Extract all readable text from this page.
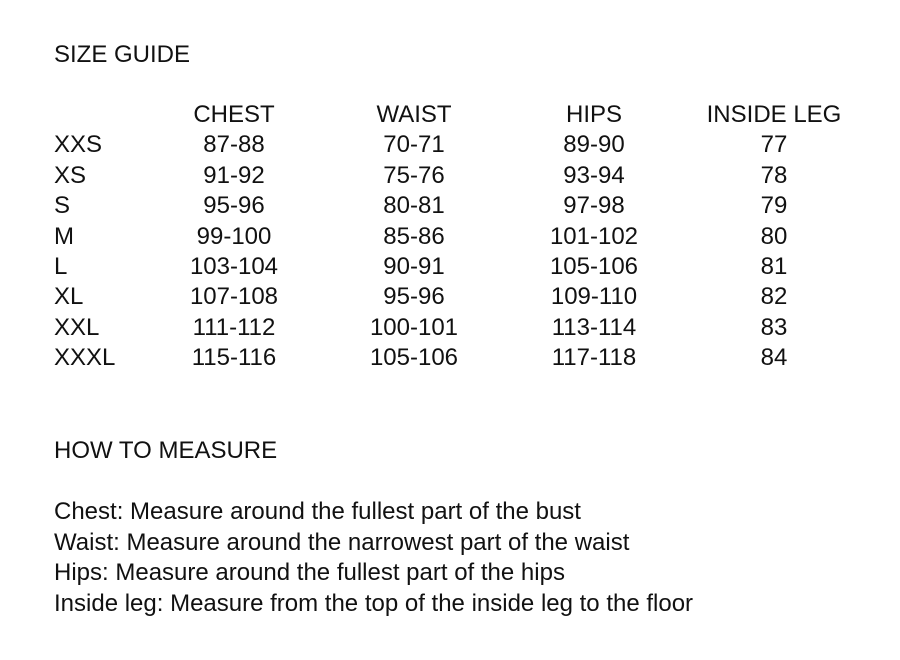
SIZE GUIDE
	CHEST	WAIST	HIPS	INSIDE LEG
XXS	87-88	70-71	89-90	77
XS	91-92	75-76	93-94	78
S	95-96	80-81	97-98	79
M	99-100	85-86	101-102	80
L	103-104	90-91	105-106	81
XL	107-108	95-96	109-110	82
XXL	111-112	100-101	113-114	83
XXXL	115-116	105-106	117-118	84
HOW TO MEASURE
Chest: Measure around the fullest part of the bust
Waist: Measure around the narrowest part of the waist
Hips: Measure around the fullest part of the hips
Inside leg: Measure from the top of the inside leg to the floor
